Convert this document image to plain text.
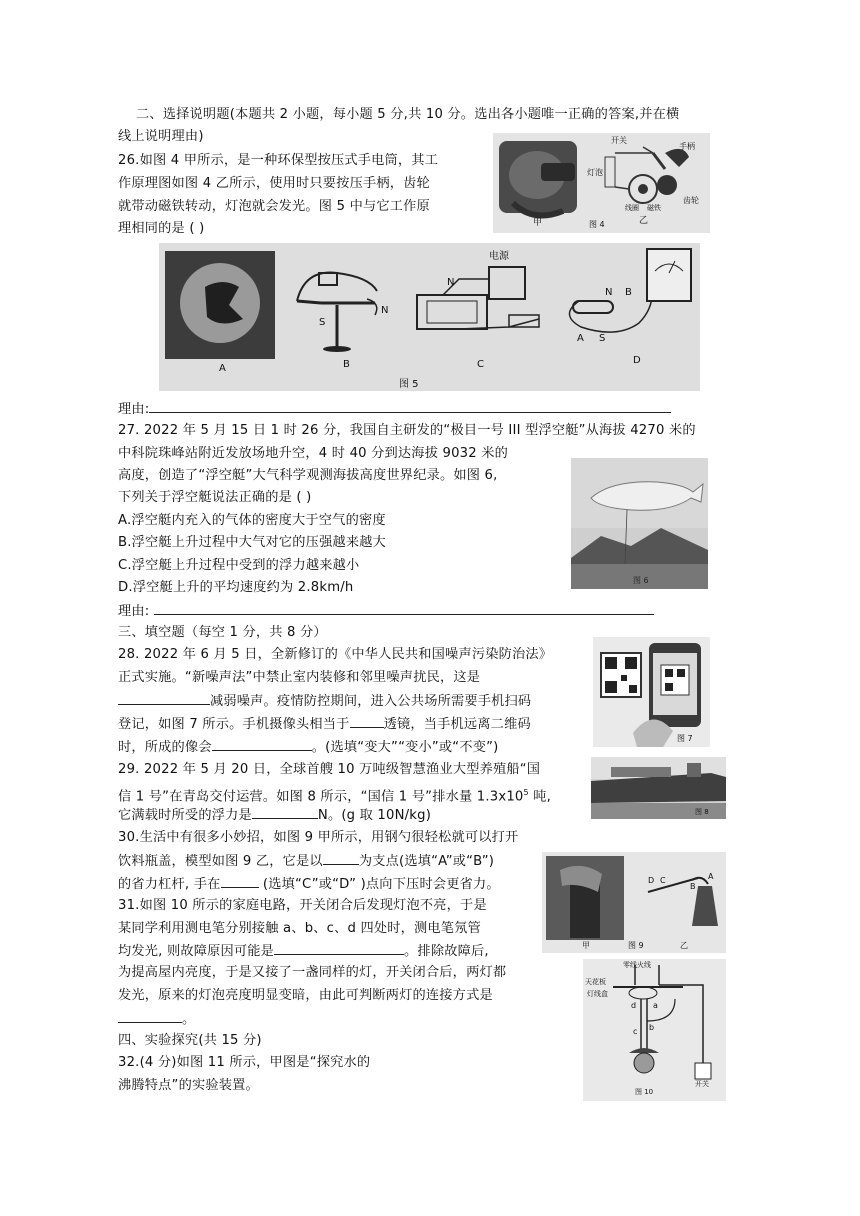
二、选择说明题(本题共 2 小题，每小题 5 分,共 10 分。选出各小题唯一正确的答案,并在横
线上说明理由)
26.如图 4 甲所示，是一种环保型按压式手电筒，其工
作原理图如图 4 乙所示，使用时只要按压手柄，齿轮
就带动磁铁转动，灯泡就会发光。图 5 中与它工作原
理相同的是 ( )
开关
手柄
灯泡
线圈 磁铁
齿轮
甲	乙
图 4
电源
N
S
N
N B
A S
A	B	C	D
图 5
理由:
27. 2022 年 5 月 15 日 1 时 26 分，我国自主研发的“极目一号 III 型浮空艇”从海拔 4270 米的
中科院珠峰站附近发放场地升空，4 时 40 分到达海拔 9032 米的
高度，创造了“浮空艇”大气科学观测海拔高度世界纪录。如图 6,
下列关于浮空艇说法正确的是 ( )
A.浮空艇内充入的气体的密度大于空气的密度
B.浮空艇上升过程中大气对它的压强越来越大
C.浮空艇上升过程中受到的浮力越来越小
D.浮空艇上升的平均速度约为 2.8km/h
理由:
图 6
三、填空题（每空 1 分，共 8 分）
28. 2022 年 6 月 5 日，全新修订的《中华人民共和国噪声污染防治法》
正式实施。“新噪声法”中禁止室内装修和邻里噪声扰民，这是
减弱噪声。疫情防控期间，进入公共场所需要手机扫码
登记，如图 7 所示。手机摄像头相当于	透镜，当手机远离二维码
时，所成的像会	。(选填“变大”“变小”或“不变”)
图 7
29. 2022 年 5 月 20 日，全球首艘 10 万吨级智慧渔业大型养殖船“国
信 1 号”在青岛交付运营。如图 8 所示，“国信 1 号”排水量 $1.3x10^5$ 吨,
它满载时所受的浮力是	N。(g 取 10N/kg)	图 8
30.生活中有很多小妙招，如图 9 甲所示，用钢勺很轻松就可以打开
饮料瓶盖，模型如图 9 乙，它是以	为支点(选填“A”或“B”)
的省力杠杆, 手在	(选填“C”或“D” )点向下压时会更省力。	D C
B
A
甲	图 9	乙
31.如图 10 所示的家庭电路，开关闭合后发现灯泡不亮，于是
某同学利用测电笔分别接触 a、b、c、d 四处时，测电笔氖管
均发光, 则故障原因可能是	。排除故障后,
为提高屋内亮度，于是又接了一盏同样的灯，开关闭合后，两灯都
发光，原来的灯泡亮度明显变暗，由此可判断两灯的连接方式是
。
零线火线
天花板
灯线盒
d a
c b
开关
图 10
四、实验探究(共 15 分)
32.(4 分)如图 11 所示，甲图是“探究水的
沸腾特点”的实验装置。
